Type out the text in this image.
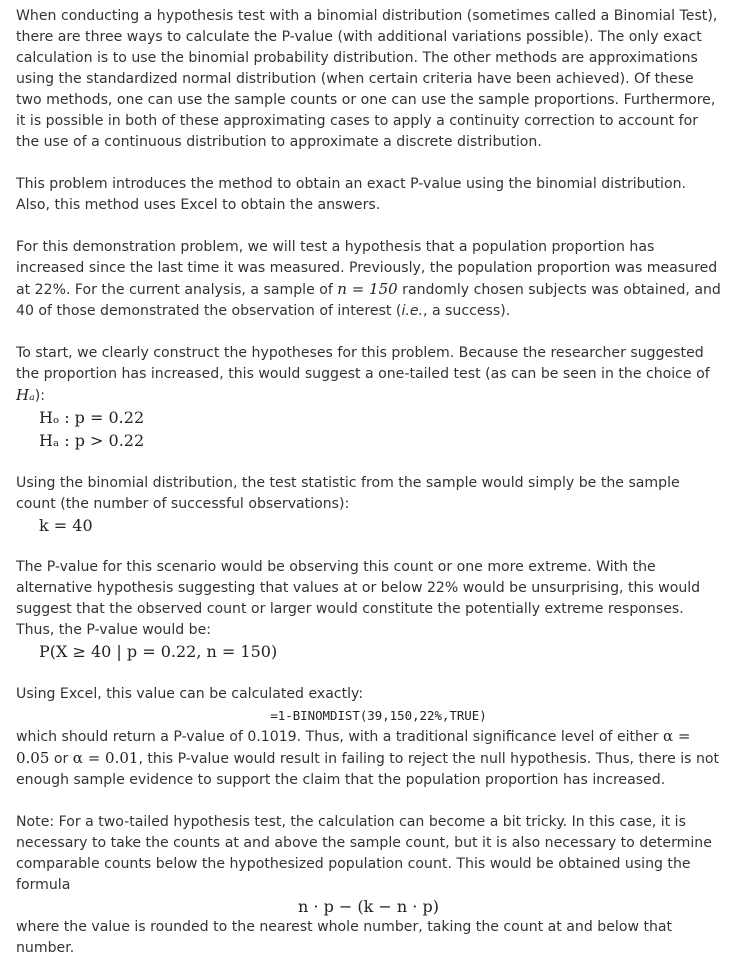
When conducting a hypothesis test with a binomial distribution (sometimes called a Binomial Test), there are three ways to calculate the P-value (with additional variations possible). The only exact calculation is to use the binomial probability distribution. The other methods are approximations using the standardized normal distribution (when certain criteria have been achieved). Of these two methods, one can use the sample counts or one can use the sample proportions. Furthermore, it is possible in both of these approximating cases to apply a continuity correction to account for the use of a continuous distribution to approximate a discrete distribution.

This problem introduces the method to obtain an exact P-value using the binomial distribution. Also, this method uses Excel to obtain the answers.

For this demonstration problem, we will test a hypothesis that a population proportion has increased since the last time it was measured. Previously, the population proportion was measured at 22%. For the current analysis, a sample of n = 150 randomly chosen subjects was obtained, and 40 of those demonstrated the observation of interest (i.e., a success).

To start, we clearly construct the hypotheses for this problem. Because the researcher suggested the proportion has increased, this would suggest a one-tailed test (as can be seen in the choice of Hₐ):

Hₒ : p = 0.22
Hₐ : p > 0.22

Using the binomial distribution, the test statistic from the sample would simply be the sample count (the number of successful observations):

k = 40

The P-value for this scenario would be observing this count or one more extreme. With the alternative hypothesis suggesting that values at or below 22% would be unsurprising, this would suggest that the observed count or larger would constitute the potentially extreme responses. Thus, the P-value would be:

P(X ≥ 40 | p = 0.22, n = 150)

Using Excel, this value can be calculated exactly:

=1-BINOMDIST(39,150,22%,TRUE)

which should return a P-value of 0.1019. Thus, with a traditional significance level of either α = 0.05 or α = 0.01, this P-value would result in failing to reject the null hypothesis. Thus, there is not enough sample evidence to support the claim that the population proportion has increased.

Note: For a two-tailed hypothesis test, the calculation can become a bit tricky. In this case, it is necessary to take the counts at and above the sample count, but it is also necessary to determine comparable counts below the hypothesized population count. This would be obtained using the formula

n · p − (k − n · p)

where the value is rounded to the nearest whole number, taking the count at and below that number.
